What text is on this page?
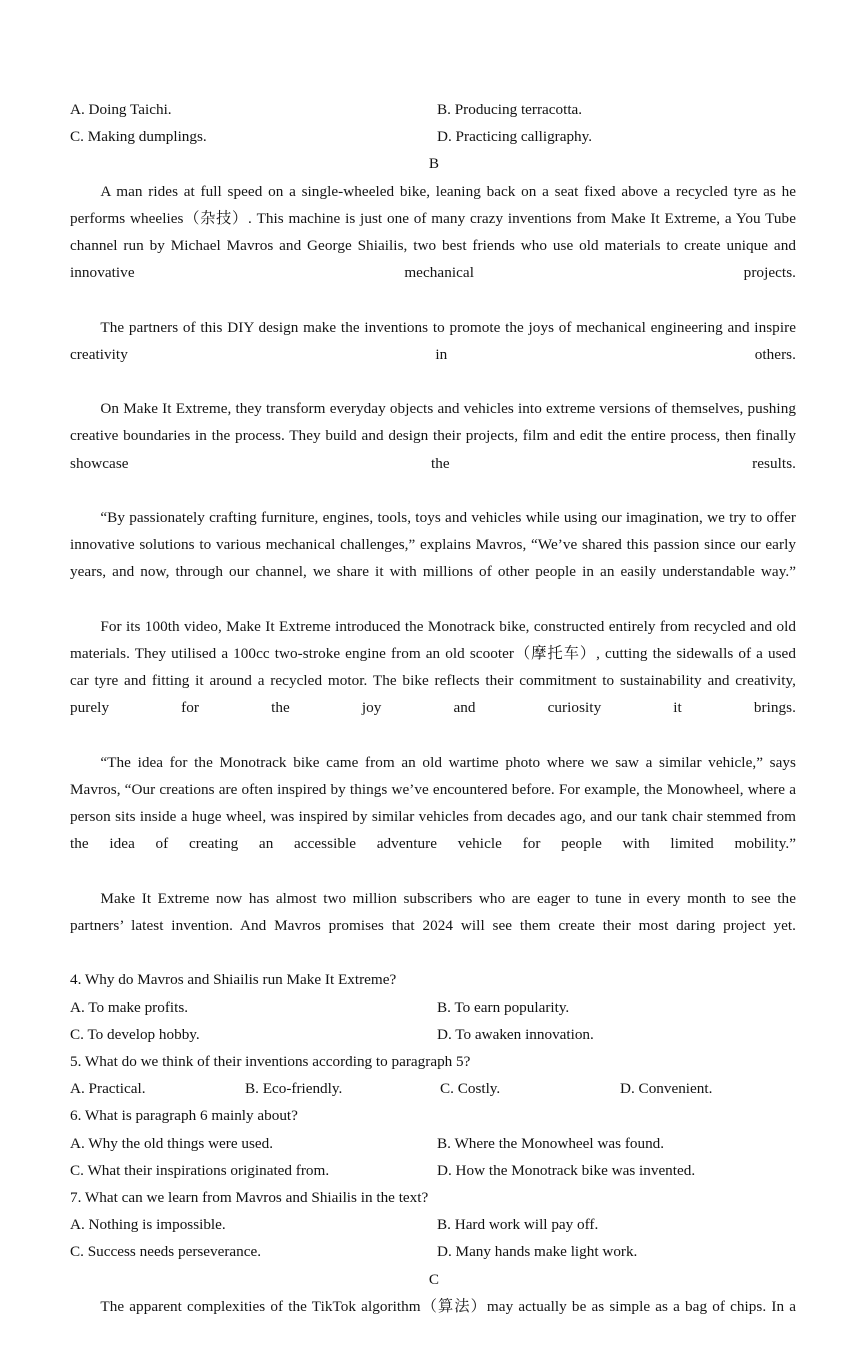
A. Doing Taichi.	B. Producing terracotta.
C. Making dumplings.	D. Practicing calligraphy.

B

A man rides at full speed on a single-wheeled bike, leaning back on a seat fixed above a recycled tyre as he performs wheelies（杂技）. This machine is just one of many crazy inventions from Make It Extreme, a You Tube channel run by Michael Mavros and George Shiailis, two best friends who use old materials to create unique and innovative mechanical projects.

The partners of this DIY design make the inventions to promote the joys of mechanical engineering and inspire creativity in others.

On Make It Extreme, they transform everyday objects and vehicles into extreme versions of themselves, pushing creative boundaries in the process. They build and design their projects, film and edit the entire process, then finally showcase the results.

“By passionately crafting furniture, engines, tools, toys and vehicles while using our imagination, we try to offer innovative solutions to various mechanical challenges,” explains Mavros, “We’ve shared this passion since our early years, and now, through our channel, we share it with millions of other people in an easily understandable way.”

For its 100th video, Make It Extreme introduced the Monotrack bike, constructed entirely from recycled and old materials. They utilised a 100cc two-stroke engine from an old scooter（摩托车）, cutting the sidewalls of a used car tyre and fitting it around a recycled motor. The bike reflects their commitment to sustainability and creativity, purely for the joy and curiosity it brings.

“The idea for the Monotrack bike came from an old wartime photo where we saw a similar vehicle,” says Mavros, “Our creations are often inspired by things we’ve encountered before. For example, the Monowheel, where a person sits inside a huge wheel, was inspired by similar vehicles from decades ago, and our tank chair stemmed from the idea of creating an accessible adventure vehicle for people with limited mobility.”

Make It Extreme now has almost two million subscribers who are eager to tune in every month to see the partners’ latest invention. And Mavros promises that 2024 will see them create their most daring project yet.

4. Why do Mavros and Shiailis run Make It Extreme?

A. To make profits.	B. To earn popularity.
C. To develop hobby.	D. To awaken innovation.

5. What do we think of their inventions according to paragraph 5?

A. Practical.	B. Eco-friendly.	C. Costly.	D. Convenient.

6. What is paragraph 6 mainly about?

A. Why the old things were used.	B. Where the Monowheel was found.
C. What their inspirations originated from.	D. How the Monotrack bike was invented.

7. What can we learn from Mavros and Shiailis in the text?

A. Nothing is impossible.	B. Hard work will pay off.
C. Success needs perseverance.	D. Many hands make light work.

C

The apparent complexities of the TikTok algorithm（算法）may actually be as simple as a bag of chips. In a
